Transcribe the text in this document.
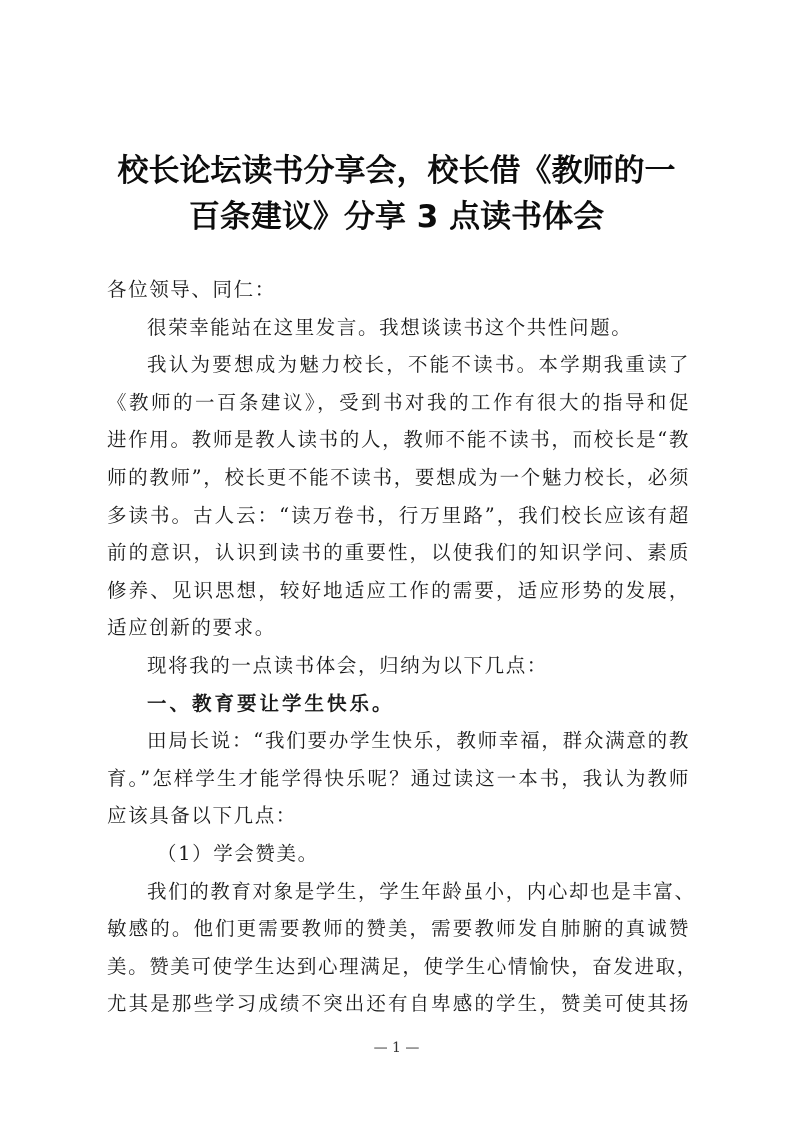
校长论坛读书分享会，校长借《教师的一
百条建议》分享 3 点读书体会
各位领导、同仁：
很荣幸能站在这里发言。我想谈读书这个共性问题。
我认为要想成为魅力校长，不能不读书。本学期我重读了
《教师的一百条建议》，受到书对我的工作有很大的指导和促
进作用。教师是教人读书的人，教师不能不读书，而校长是“教
师的教师”，校长更不能不读书，要想成为一个魅力校长，必须
多读书。古人云：“读万卷书，行万里路”，我们校长应该有超
前的意识，认识到读书的重要性，以使我们的知识学问、素质
修养、见识思想，较好地适应工作的需要，适应形势的发展，
适应创新的要求。
现将我的一点读书体会，归纳为以下几点：
一、教育要让学生快乐。
田局长说：“我们要办学生快乐，教师幸福，群众满意的教
育。”怎样学生才能学得快乐呢？通过读这一本书，我认为教师
应该具备以下几点：
（1）学会赞美。
我们的教育对象是学生，学生年龄虽小，内心却也是丰富、
敏感的。他们更需要教师的赞美，需要教师发自肺腑的真诚赞
美。赞美可使学生达到心理满足，使学生心情愉快，奋发进取，
尤其是那些学习成绩不突出还有自卑感的学生，赞美可使其扬
— 1 —
